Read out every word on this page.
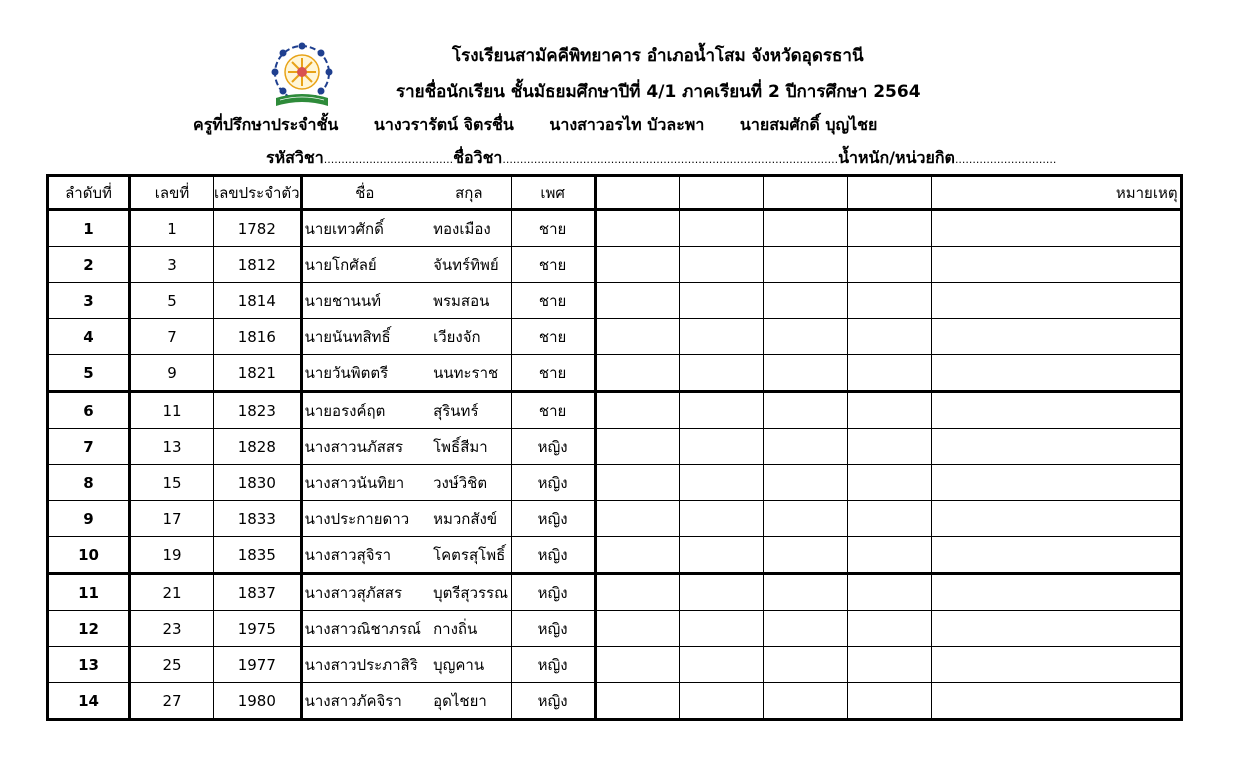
โรงเรียนสามัคคีพิทยาคาร อำเภอน้ำโสม จังหวัดอุดรธานี
รายชื่อนักเรียน ชั้นมัธยมศึกษาปีที่ 4/1 ภาคเรียนที่ 2 ปีการศึกษา 2564
ครูที่ปรึกษาประจำชั้น นางวรารัตน์ จิตรชื่น นางสาวอรไท บัวละพา นายสมศักดิ์ บุญไชย
รหัสวิชา.....................................ชื่อวิชา................................................................................................น้ำหนัก/หน่วยกิต.............................
ลำดับที่	เลขที่	เลขประจำตัว	ชื่อ	สกุล	เพศ					หมายเหตุ
1	1	1782	นายเทวศักดิ์	ทองเมือง	ชาย					
2	3	1812	นายโกศัลย์	จันทร์ทิพย์	ชาย					
3	5	1814	นายชานนท์	พรมสอน	ชาย					
4	7	1816	นายนันทสิทธิ์	เวียงจัก	ชาย					
5	9	1821	นายวันพิตตรี	นนทะราช	ชาย					
6	11	1823	นายอรงค์ฤต	สุรินทร์	ชาย					
7	13	1828	นางสาวนภัสสร	โพธิ์สีมา	หญิง					
8	15	1830	นางสาวนันทิยา	วงษ์วิชิต	หญิง					
9	17	1833	นางประกายดาว	หมวกสังข์	หญิง					
10	19	1835	นางสาวสุจิรา	โคตรสุโพธิ์	หญิง					
11	21	1837	นางสาวสุภัสสร	บุตรีสุวรรณ	หญิง					
12	23	1975	นางสาวณิชาภรณ์	กางถิ่น	หญิง					
13	25	1977	นางสาวประภาสิริ	บุญคาน	หญิง					
14	27	1980	นางสาวภัคจิรา	อุดไชยา	หญิง					
